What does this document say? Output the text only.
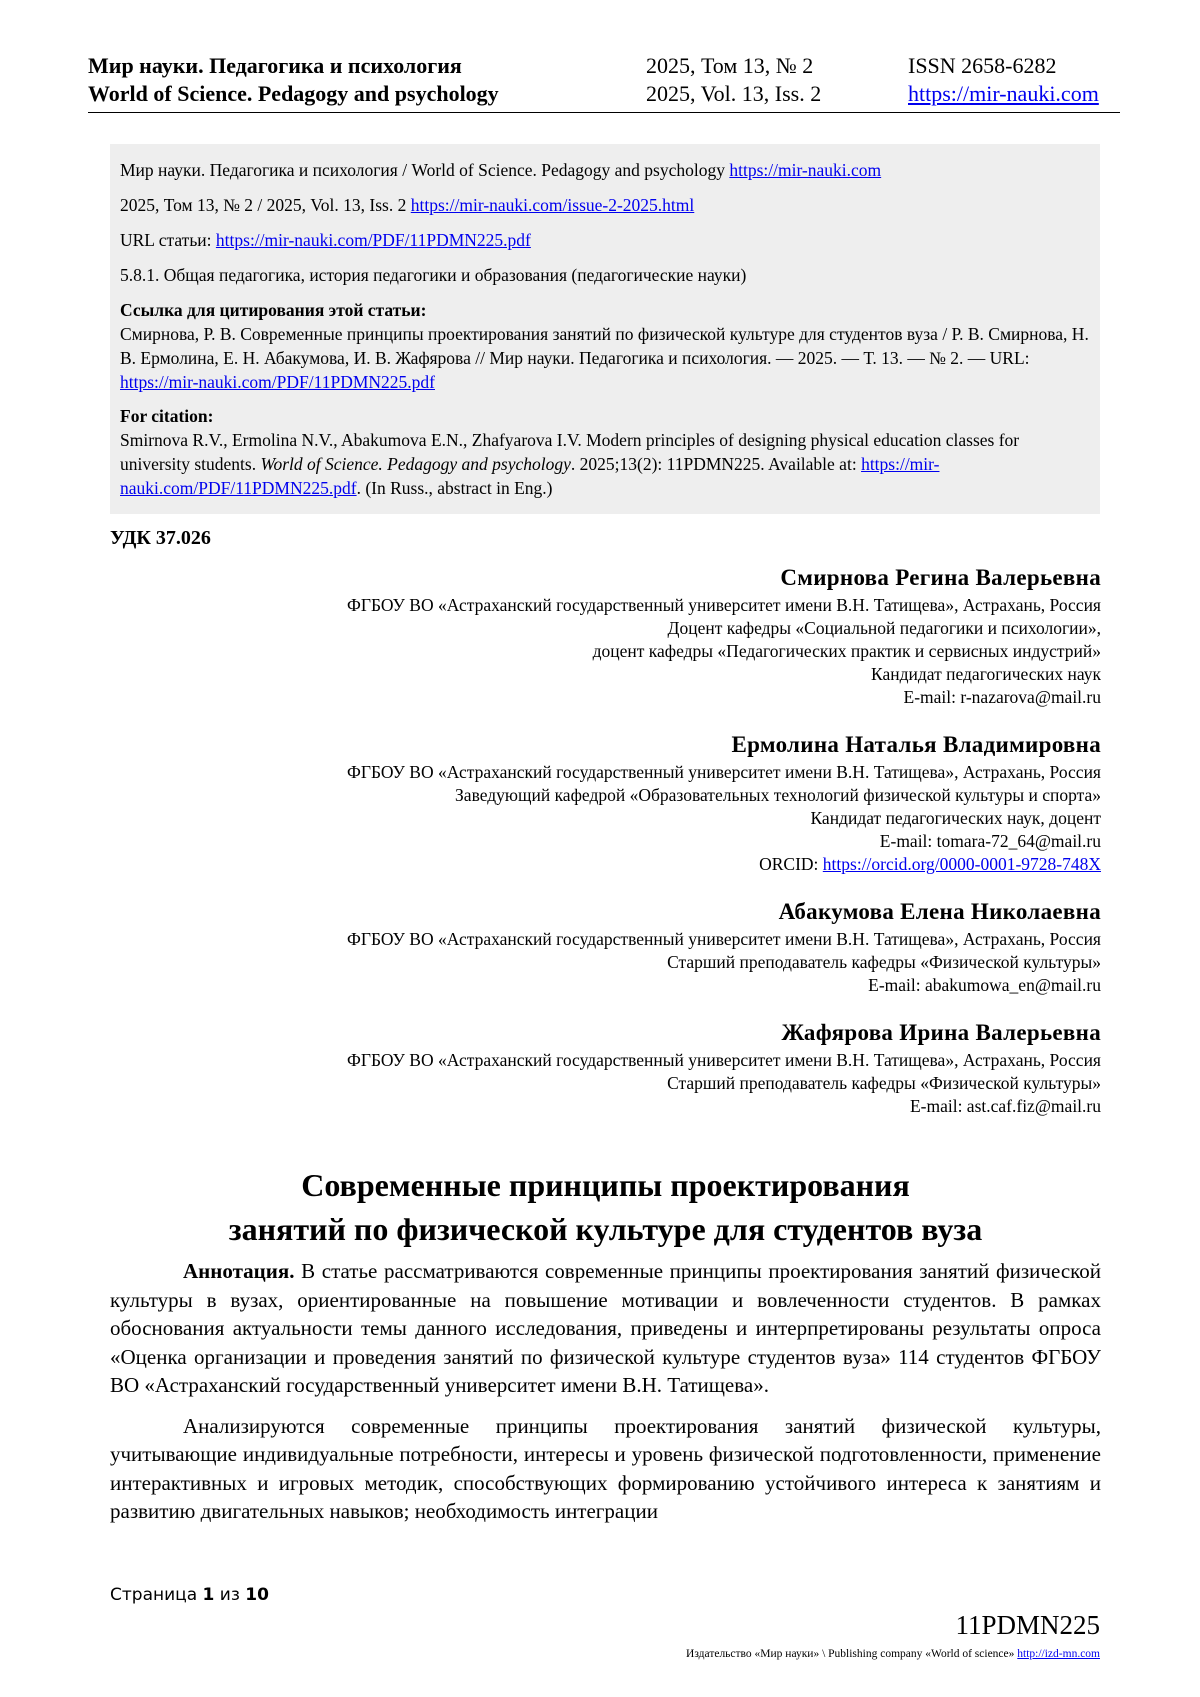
Мир науки. Педагогика и психология
World of Science. Pedagogy and psychology
2025, Том 13, № 2
2025, Vol. 13, Iss. 2
ISSN 2658-6282
https://mir-nauki.com

Мир науки. Педагогика и психология / World of Science. Pedagogy and psychology https://mir-nauki.com

2025, Том 13, № 2 / 2025, Vol. 13, Iss. 2 https://mir-nauki.com/issue-2-2025.html

URL статьи: https://mir-nauki.com/PDF/11PDMN225.pdf

5.8.1. Общая педагогика, история педагогики и образования (педагогические науки)

Ссылка для цитирования этой статьи:
Смирнова, Р. В. Современные принципы проектирования занятий по физической культуре для студентов вуза / Р. В. Смирнова, Н. В. Ермолина, Е. Н. Абакумова, И. В. Жафярова // Мир науки. Педагогика и психология. — 2025. — Т. 13. — № 2. — URL: https://mir-nauki.com/PDF/11PDMN225.pdf
For citation:
Smirnova R.V., Ermolina N.V., Abakumova E.N., Zhafyarova I.V. Modern principles of designing physical education classes for university students. World of Science. Pedagogy and psychology. 2025;13(2): 11PDMN225. Available at: https://mir-nauki.com/PDF/11PDMN225.pdf. (In Russ., abstract in Eng.)
УДК 37.026
Смирнова Регина Валерьевна
ФГБОУ ВО «Астраханский государственный университет имени В.Н. Татищева», Астрахань, Россия
Доцент кафедры «Социальной педагогики и психологии»,
доцент кафедры «Педагогических практик и сервисных индустрий»
Кандидат педагогических наук
E-mail: r-nazarova@mail.ru
Ермолина Наталья Владимировна
ФГБОУ ВО «Астраханский государственный университет имени В.Н. Татищева», Астрахань, Россия
Заведующий кафедрой «Образовательных технологий физической культуры и спорта»
Кандидат педагогических наук, доцент
E-mail: tomara-72_64@mail.ru
ORCID: https://orcid.org/0000-0001-9728-748X
Абакумова Елена Николаевна
ФГБОУ ВО «Астраханский государственный университет имени В.Н. Татищева», Астрахань, Россия
Старший преподаватель кафедры «Физической культуры»
E-mail: abakumowa_en@mail.ru
Жафярова Ирина Валерьевна
ФГБОУ ВО «Астраханский государственный университет имени В.Н. Татищева», Астрахань, Россия
Старший преподаватель кафедры «Физической культуры»
E-mail: ast.caf.fiz@mail.ru
Современные принципы проектирования
занятий по физической культуре для студентов вуза

Аннотация. В статье рассматриваются современные принципы проектирования занятий физической культуры в вузах, ориентированные на повышение мотивации и вовлеченности студентов. В рамках обоснования актуальности темы данного исследования, приведены и интерпретированы результаты опроса «Оценка организации и проведения занятий по физической культуре студентов вуза» 114 студентов ФГБОУ ВО «Астраханский государственный университет имени В.Н. Татищева».

Анализируются современные принципы проектирования занятий физической культуры, учитывающие индивидуальные потребности, интересы и уровень физической подготовленности, применение интерактивных и игровых методик, способствующих формированию устойчивого интереса к занятиям и развитию двигательных навыков; необходимость интеграции

Страница 1 из 10
11PDMN225
Издательство «Мир науки» \ Publishing company «World of science» http://izd-mn.com
